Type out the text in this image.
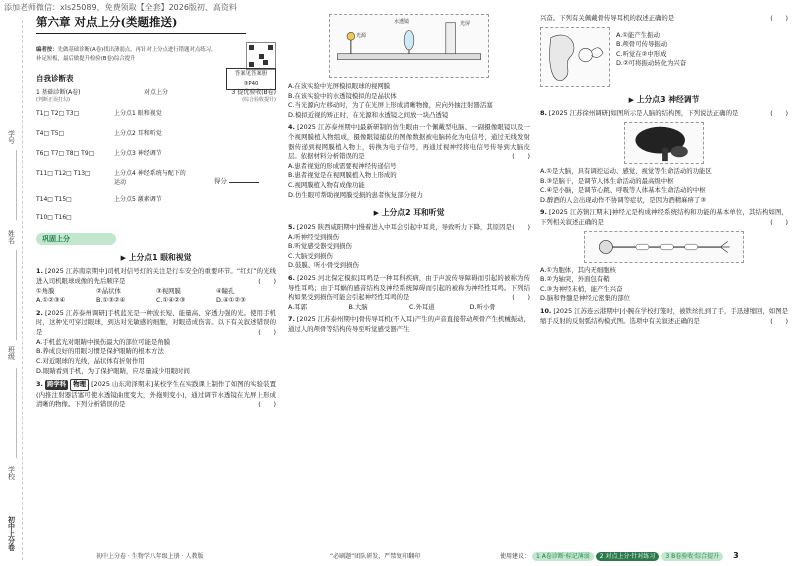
添加老师微信：xls25089，免费领取【全套】2026版初、高资料
学号
姓名
班级
学校
初中上分卷
第六章 对点上分(类题推送)
编者按：先做基础诊断(A卷)找出薄弱点，再针对上分点进行错题对点练习，补足短板，最后做提升检验(B卷)综合提升
答案见答案册
③P40
自我诊断表
1 基础诊断(A卷)	对点上分	3 提优验收(B卷)
(判断正误打勾)	(综合验收提升)
T1□ T2□ T3□	上分点1 眼和视觉
T4□ T5□	上分点2 耳和听觉
T6□ T7□ T8□ T9□	上分点3 神经调节
T11□ T12□ T13□	上分点4 神经系统与配下的运动
T14□ T15□	上分点5 激素调节
T10□ T16□
得分
巩固上分
▶ 上分点1 眼和视觉
1. [2025 江苏南京期中]司机对信号灯的关注是行车安全的重要环节。“红灯”的光线进入司机眼球成像的先后顺序是	(　　)
①角膜	②晶状体	③视网膜	④瞳孔
A.①②③④	B.①③②④	C.①④②③	D.④①②③
2. [2025 江苏泰州调研]手机蓝光是一种波长短、能量高、穿透力强的光。使用手机时，这种光可穿过眼球，到达对光敏感的细胞，对眼造成伤害。以下有关叙述错误的是	(　　)
A.手机蓝光对眼睛中损伤最大的部位可能是角膜
B.养成良好的用眼习惯是保护眼睛的根本方法
C.对近眼球的光线，晶状体有折射作用
D.眼睛看到手机，为了保护眼睛，应尽量减少用眼时间
3. 跨学科 物理 [2025 山东菏泽期末]某校学生在实践课上制作了如图的实验装置(内推注射器活塞可使水透镜曲度变大，外拖则变小)，通过调节水透镜在光屏上形成清晰的物像。下列分析错误的是	(　　)
光源
水透镜	光屏
A.在该实验中光屏模拟眼球的视网膜
B.在该实验中的水透镜模拟的是晶状体
C.当光源向左移动时，为了在光屏上形成清晰物像，应向外抽注射器活塞
D.模拟近视的矫正时，在光源和水透镜之间放一块凸透镜
4. [2025 江苏泰州期中]最新研制的仿生眼由一个佩戴型电脑、一副摄像眼镜以及一个视网膜植入物组成，摄像眼镜捕获的图像数据被电脑转化为电信号，通过无线发射器传递到视网膜植入物上，转换为电子信号，再通过视神经将电信号传导到大脑皮层。依据材料分析错误的是	(　　)
A.患者视觉的形成需要视神经传递信号
B.患者视觉是在视网膜植入物上形成的
C.视网膜植入物有成像功能
D.仿生眼可帮助视网膜受损的患者恢复部分视力
▶ 上分点2 耳和听觉
5. [2025 陕西咸阳期中]慢着进入中耳会引起中耳炎，导致听力下降，其原因是 (　　)
A.听神经受到损伤
B.听觉感受器受到损伤
C.大脑受到损伤
D.鼓膜、听小骨受到损伤
6. [2025 河北保定模拟]耳鸣是一种耳科疾病，由于声波传导障碍而引起的被称为传导性耳鸣；由于耳蜗的感音结构及神经系统障碍而引起的被称为神经性耳鸣。下列结构如果受到损伤可能会引起神经性耳鸣的是	(　　)
A.耳郭	B.大脑	C.外耳道	D.听小骨
7. [2025 江苏泰州期中]骨传导耳机(不入耳)产生的声音直接带动颅骨产生机械振动，通过人的颅骨等结构传导至听觉感受器产生
兴奋。下列有关佩戴骨传导耳机的叙述正确的是	(　　)
A.①能产生振动
B.颅骨可传导振动
C.听觉在②中形成
D.②可将振动转化为兴奋
▶ 上分点3 神经调节
8. [2025 江苏徐州调研]如图所示是人脑的结构图，下列说法正确的是	(　　)
A.①是大脑，具有调控运动、感觉、视觉等生命活动的功能区
B.③是脑干，是调节人体生命活动的最高级中枢
C.④是小脑，是调节心跳、呼吸等人体基本生命活动的中枢
D.醉酒的人会出现动作不协调等症状，是因为酒精麻痹了③
9. [2025 江苏镇江期末]神经元是构成神经系统结构和功能的基本单位，其结构如图，下列相关叙述正确的是	(　　)
A.①为胞体，其内无细胞核
B.②为轴突，外面包有鞘
C.③为神经末梢，能产生兴奋
D.脑和脊髓是神经元密集的部位
10. [2025 江苏连云港期中]小腕在学校打笼时，被铁丝扎到了手，手迅速缩回，如图是缩手反射的反射弧结构模式图。选项中有关叙述正确的是	(　　)
初中上分卷 · 生物学八年级上册 · 人教版	“必刷题”团队研发，严禁复印翻印	使用建议：	1 A卷诊断·标记薄弱	2 对点上分·针对练习	3 B卷验收·综合提升	3
